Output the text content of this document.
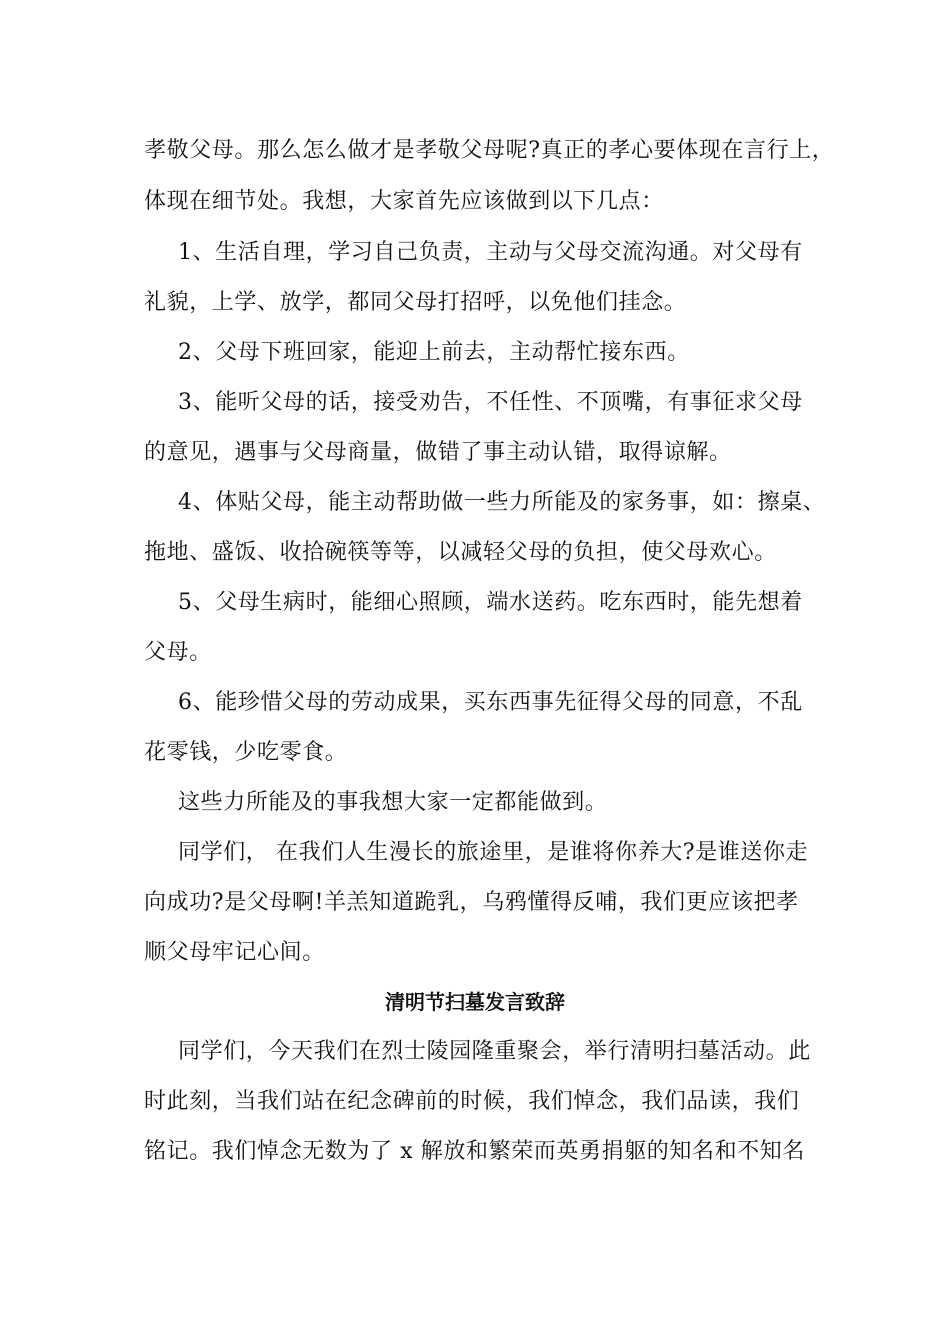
孝敬父母。那么怎么做才是孝敬父母呢?真正的孝心要体现在言行上，
体现在细节处。我想，大家首先应该做到以下几点：
1、生活自理，学习自己负责，主动与父母交流沟通。对父母有
礼貌，上学、放学，都同父母打招呼，以免他们挂念。
2、父母下班回家，能迎上前去，主动帮忙接东西。
3、能听父母的话，接受劝告，不任性、不顶嘴，有事征求父母
的意见，遇事与父母商量，做错了事主动认错，取得谅解。
4、体贴父母，能主动帮助做一些力所能及的家务事，如：擦桌、
拖地、盛饭、收拾碗筷等等，以减轻父母的负担，使父母欢心。
5、父母生病时，能细心照顾，端水送药。吃东西时，能先想着
父母。
6、能珍惜父母的劳动成果，买东西事先征得父母的同意，不乱
花零钱，少吃零食。
这些力所能及的事我想大家一定都能做到。
同学们， 在我们人生漫长的旅途里，是谁将你养大?是谁送你走
向成功?是父母啊!羊羔知道跪乳，乌鸦懂得反哺，我们更应该把孝
顺父母牢记心间。
清明节扫墓发言致辞
同学们，今天我们在烈士陵园隆重聚会，举行清明扫墓活动。此
时此刻，当我们站在纪念碑前的时候，我们悼念，我们品读，我们
铭记。我们悼念无数为了 x 解放和繁荣而英勇捐躯的知名和不知名
